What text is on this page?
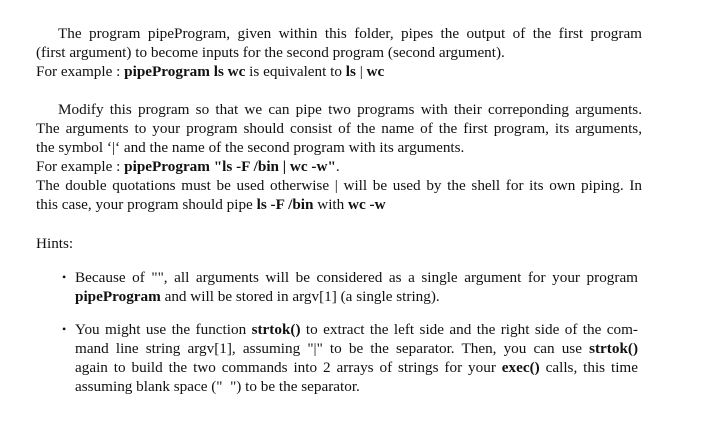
The program pipeProgram, given within this folder, pipes the output of the first program
(first argument) to become inputs for the second program (second argument).
For example : pipeProgram ls wc is equivalent to ls | wc
Modify this program so that we can pipe two programs with their correponding arguments.
The arguments to your program should consist of the name of the first program, its arguments,
the symbol ‘|‘ and the name of the second program with its arguments.
For example : pipeProgram "ls -F /bin | wc -w".
The double quotations must be used otherwise | will be used by the shell for its own piping. In
this case, your program should pipe ls -F /bin with wc -w
Hints:
• Because of "", all arguments will be considered as a single argument for your program
pipeProgram and will be stored in argv[1] (a single string).
• You might use the function strtok() to extract the left side and the right side of the com-
mand line string argv[1], assuming "|" to be the separator. Then, you can use strtok()
again to build the two commands into 2 arrays of strings for your exec() calls, this time
assuming blank space ("  ") to be the separator.
